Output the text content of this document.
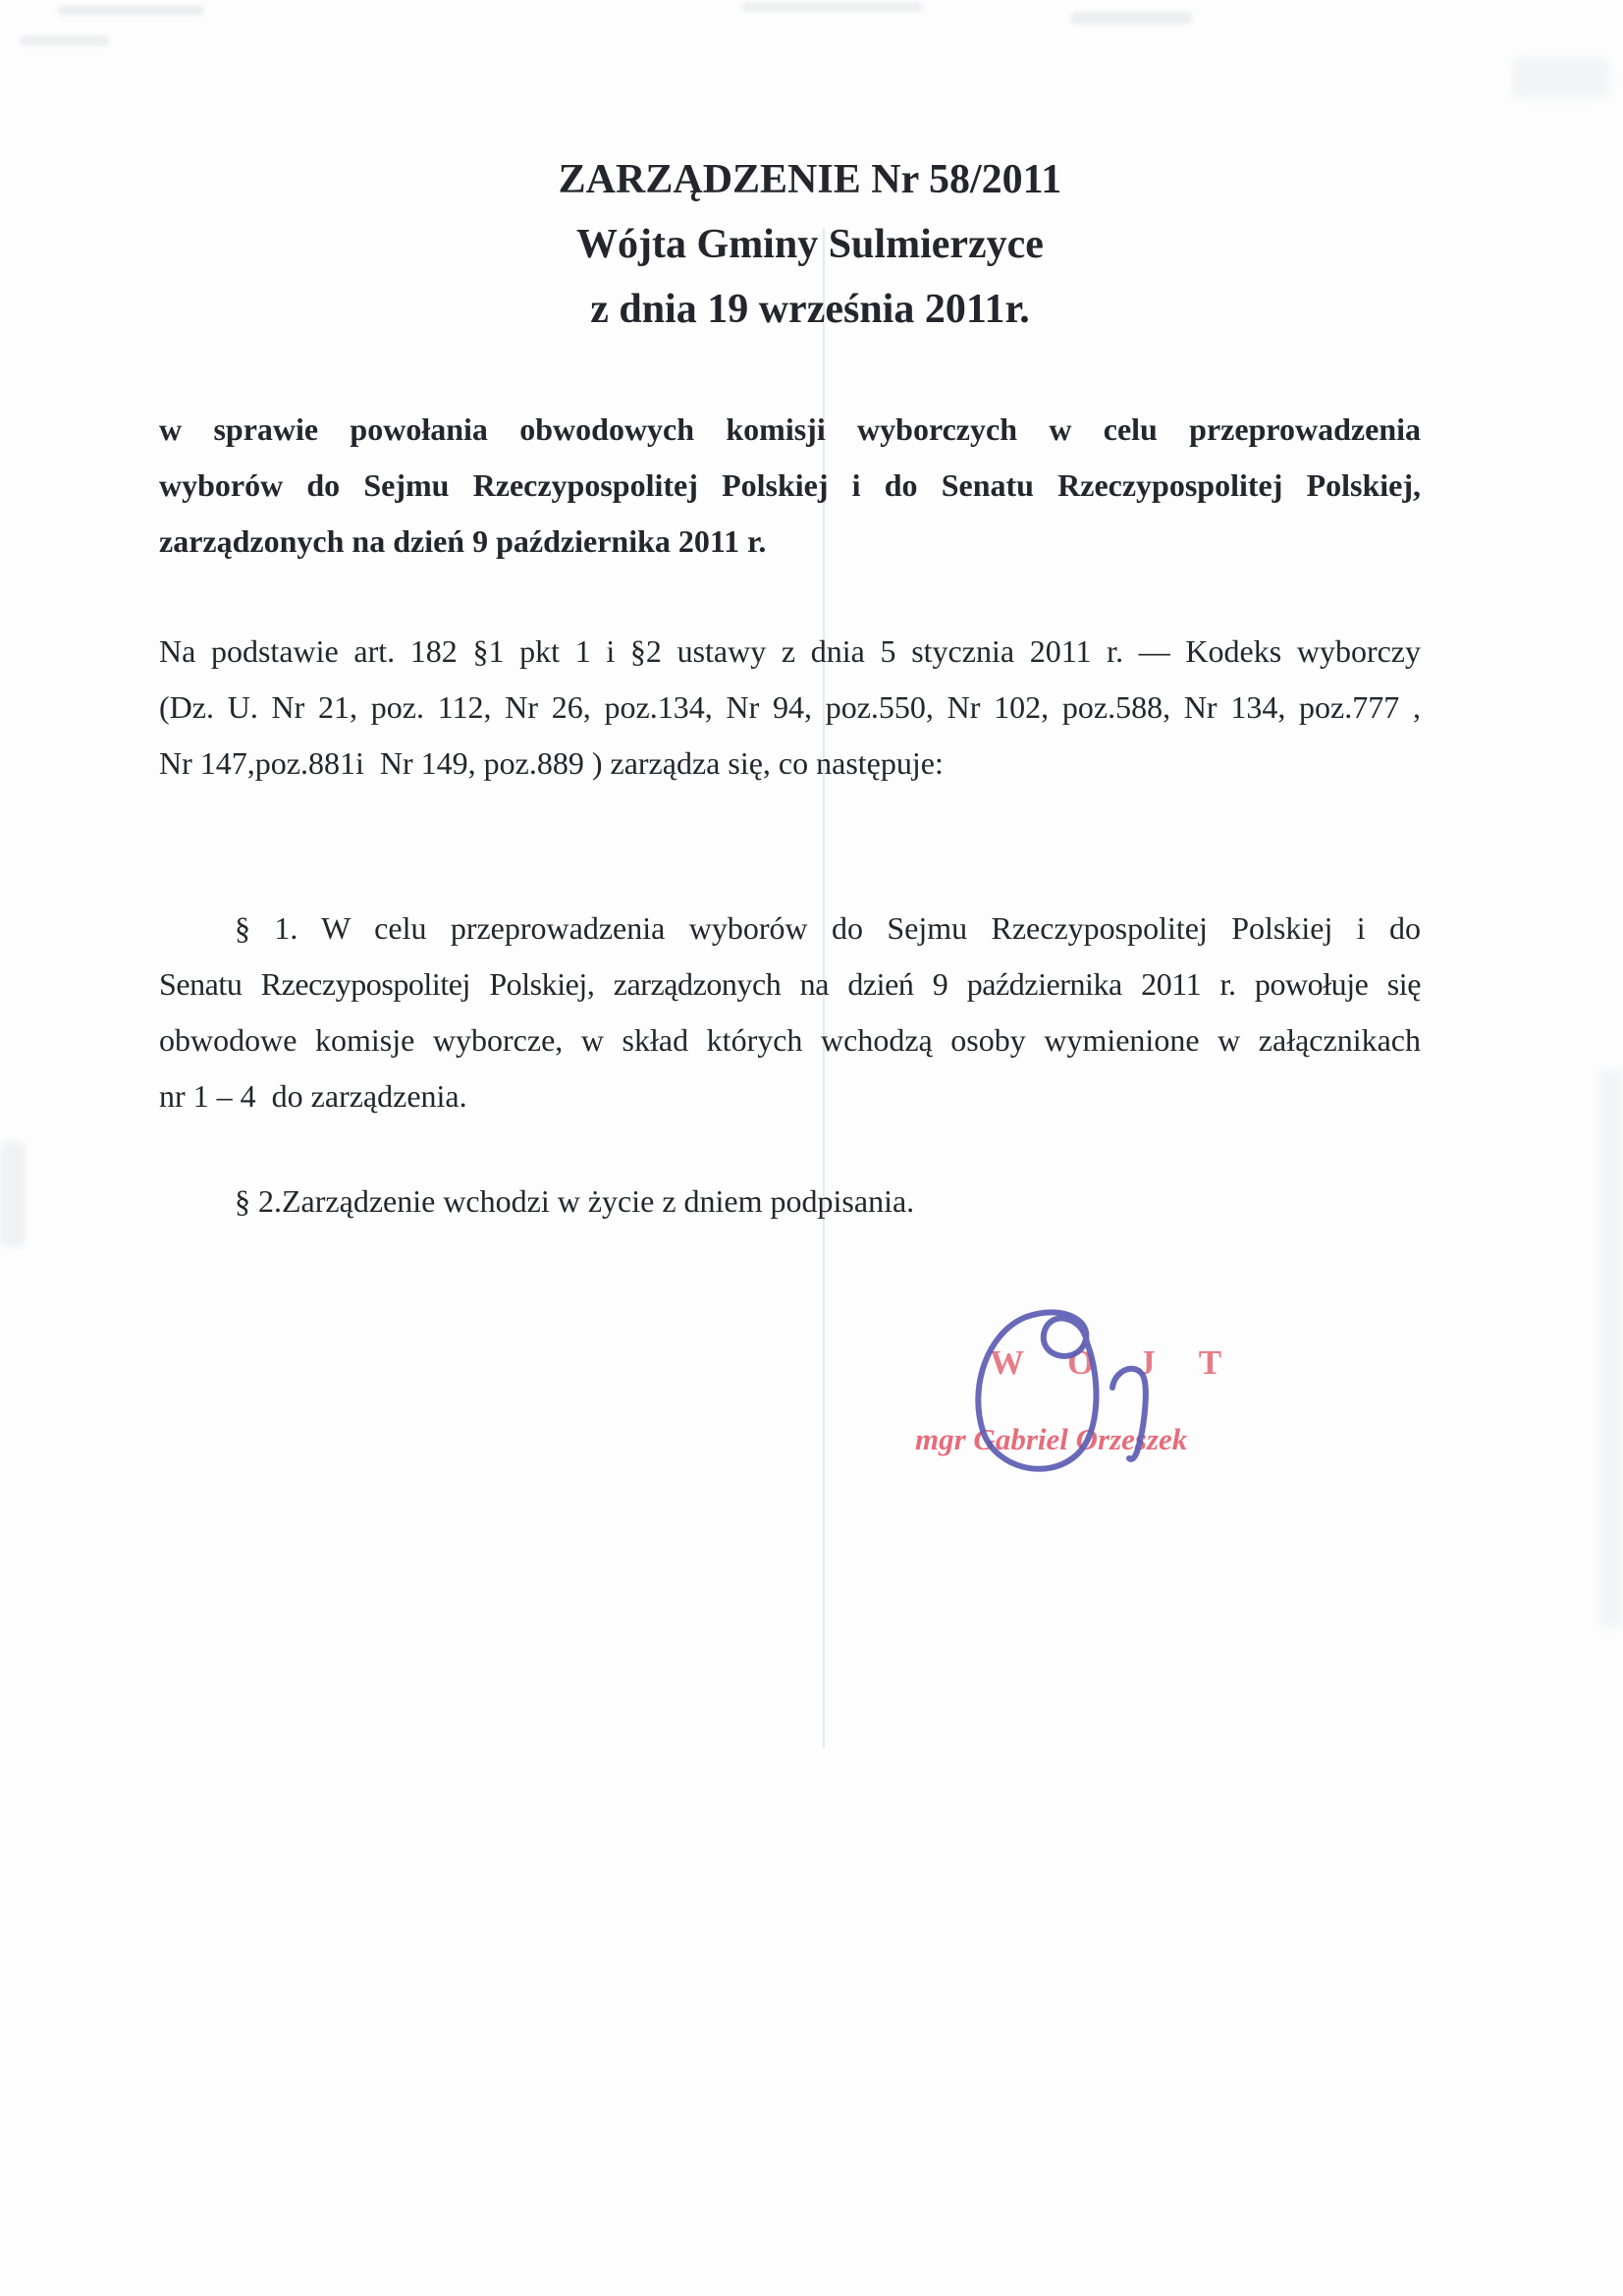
ZARZĄDZENIE Nr 58/2011
Wójta Gminy Sulmierzyce
z dnia 19 września 2011r.
w sprawie powołania obwodowych komisji wyborczych w celu przeprowadzenia
wyborów do Sejmu Rzeczypospolitej Polskiej i do Senatu Rzeczypospolitej Polskiej,
zarządzonych na dzień 9 października 2011 r.
Na podstawie art. 182 §1 pkt 1 i §2 ustawy z dnia 5 stycznia 2011 r. — Kodeks wyborczy
(Dz. U. Nr 21, poz. 112, Nr 26, poz.134, Nr 94, poz.550, Nr 102, poz.588, Nr 134, poz.777 ,
Nr 147,poz.881i  Nr 149, poz.889 ) zarządza się, co następuje:
§ 1. W celu przeprowadzenia wyborów do Sejmu Rzeczypospolitej Polskiej i do
Senatu Rzeczypospolitej Polskiej, zarządzonych na dzień 9 października 2011 r. powołuje się
obwodowe komisje wyborcze, w skład których wchodzą osoby wymienione w załącznikach
nr 1 – 4  do zarządzenia.
§ 2.Zarządzenie wchodzi w życie z dniem podpisania.
W Ó J T
mgr Gabriel Orzeszek
